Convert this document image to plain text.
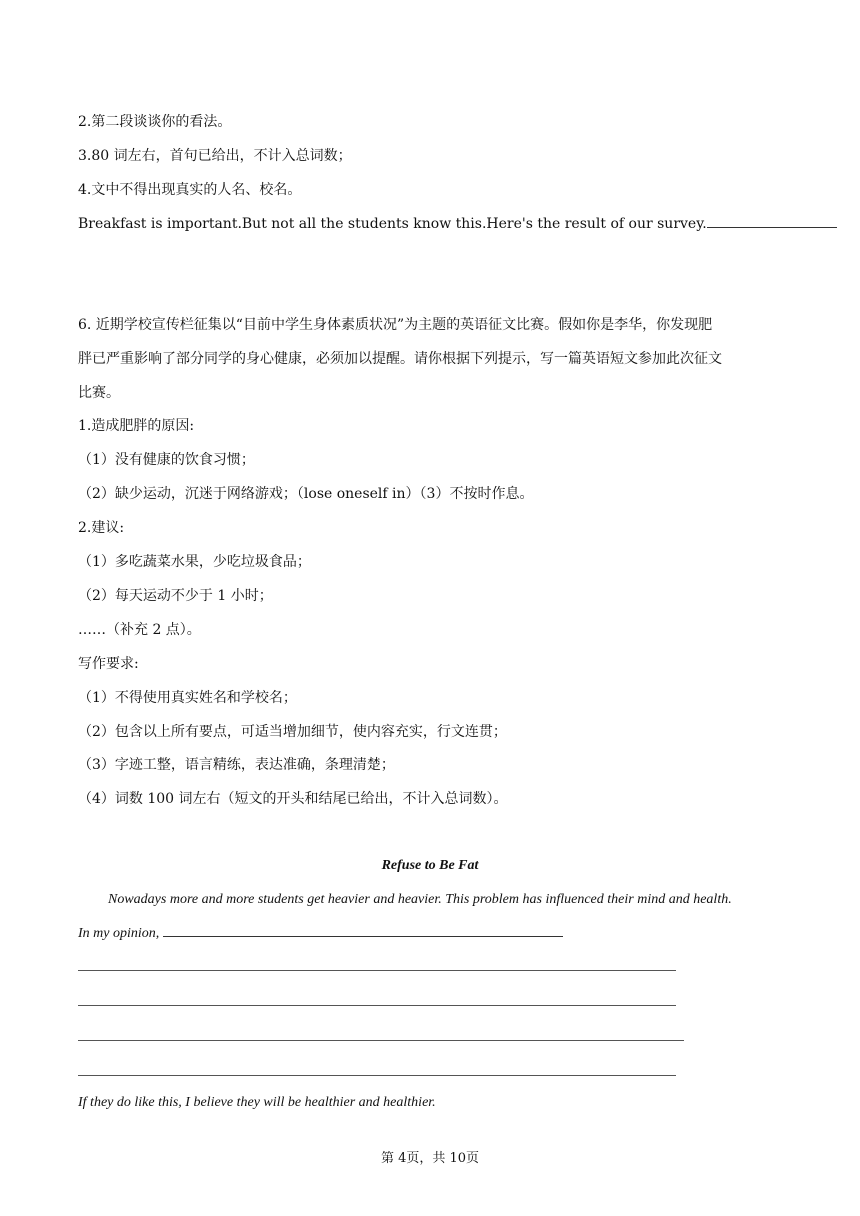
2.第二段谈谈你的看法。
3.80 词左右，首句已给出，不计入总词数；
4.文中不得出现真实的人名、校名。
Breakfast is important.But not all the students know this.Here's the result of our survey.
6. 近期学校宣传栏征集以“目前中学生身体素质状况”为主题的英语征文比赛。假如你是李华，你发现肥
胖已严重影响了部分同学的身心健康，必须加以提醒。请你根据下列提示，写一篇英语短文参加此次征文
比赛。
1.造成肥胖的原因:
（1）没有健康的饮食习惯；
（2）缺少运动，沉迷于网络游戏；（lose oneself in）（3）不按时作息。
2.建议:
（1）多吃蔬菜水果，少吃垃圾食品；
（2）每天运动不少于 1 小时；
……（补充 2 点）。
写作要求:
（1）不得使用真实姓名和学校名；
（2）包含以上所有要点，可适当增加细节，使内容充实，行文连贯；
（3）字迹工整，语言精练，表达准确，条理清楚；
（4）词数 100 词左右（短文的开头和结尾已给出，不计入总词数）。
Refuse to Be Fat
Nowadays more and more students get heavier and heavier. This problem has influenced their mind and health.
In my opinion,
If they do like this, I believe they will be healthier and healthier.
第 4页，共 10页
